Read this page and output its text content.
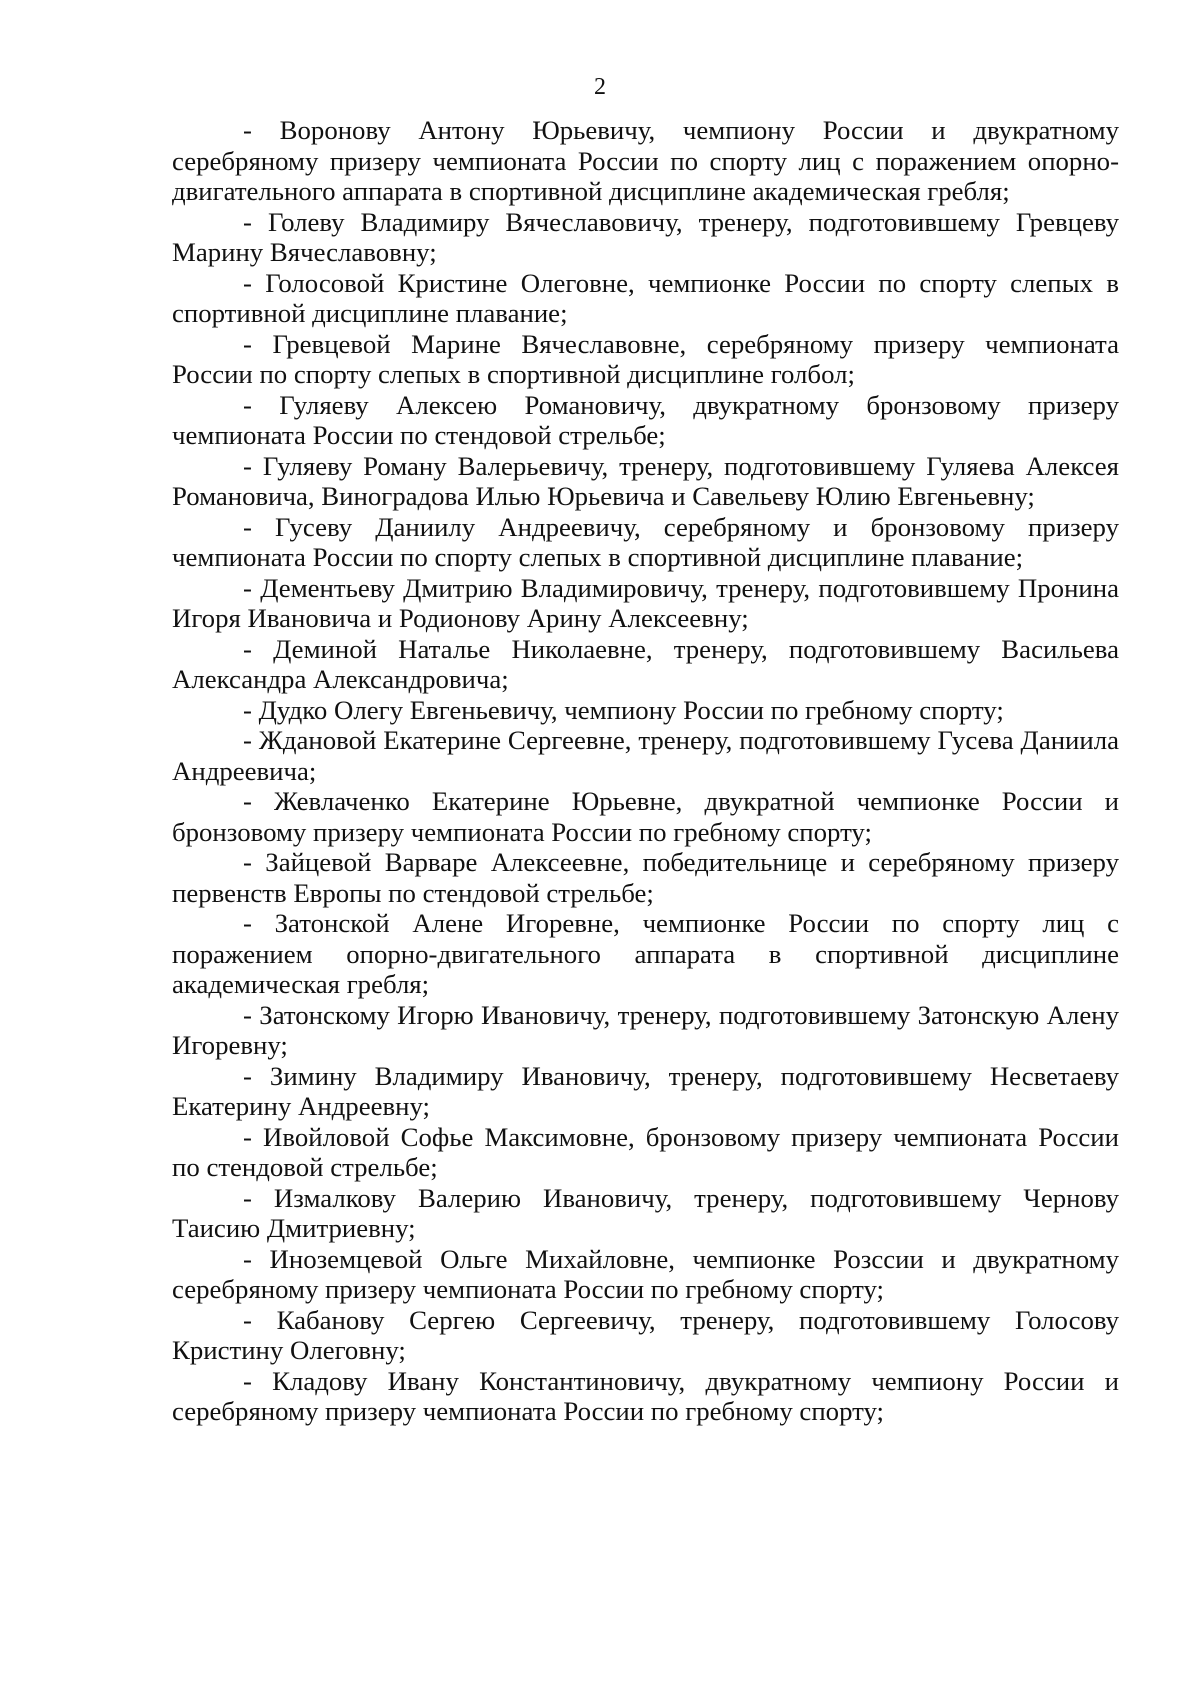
2

- Воронову Антону Юрьевичу, чемпиону России и двукратному серебряному призеру чемпионата России по спорту лиц с поражением опорно-двигательного аппарата в спортивной дисциплине академическая гребля;

- Голеву Владимиру Вячеславовичу, тренеру, подготовившему Гревцеву Марину Вячеславовну;

- Голосовой Кристине Олеговне, чемпионке России по спорту слепых в спортивной дисциплине плавание;

- Гревцевой Марине Вячеславовне, серебряному призеру чемпионата России по спорту слепых в спортивной дисциплине голбол;

- Гуляеву Алексею Романовичу, двукратному бронзовому призеру чемпионата России по стендовой стрельбе;

- Гуляеву Роману Валерьевичу, тренеру, подготовившему Гуляева Алексея Романовича, Виноградова Илью Юрьевича и Савельеву Юлию Евгеньевну;

- Гусеву Даниилу Андреевичу, серебряному и бронзовому призеру чемпионата России по спорту слепых в спортивной дисциплине плавание;

- Дементьеву Дмитрию Владимировичу, тренеру, подготовившему Пронина Игоря Ивановича и Родионову Арину Алексеевну;

- Деминой Наталье Николаевне, тренеру, подготовившему Васильева Александра Александровича;

- Дудко Олегу Евгеньевичу, чемпиону России по гребному спорту;

- Ждановой Екатерине Сергеевне, тренеру, подготовившему Гусева Даниила Андреевича;

- Жевлаченко Екатерине Юрьевне, двукратной чемпионке России и бронзовому призеру чемпионата России по гребному спорту;

- Зайцевой Варваре Алексеевне, победительнице и серебряному призеру первенств Европы по стендовой стрельбе;

- Затонской Алене Игоревне, чемпионке России по спорту лиц с поражением опорно-двигательного аппарата в спортивной дисциплине академическая гребля;

- Затонскому Игорю Ивановичу, тренеру, подготовившему Затонскую Алену Игоревну;

- Зимину Владимиру Ивановичу, тренеру, подготовившему Несветаеву Екатерину Андреевну;

- Ивойловой Софье Максимовне, бронзовому призеру чемпионата России по стендовой стрельбе;

- Измалкову Валерию Ивановичу, тренеру, подготовившему Чернову Таисию Дмитриевну;

- Иноземцевой Ольге Михайловне, чемпионке Розссии и двукратному серебряному призеру чемпионата России по гребному спорту;

- Кабанову Сергею Сергеевичу, тренеру, подготовившему Голосову Кристину Олеговну;

- Кладову Ивану Константиновичу, двукратному чемпиону России и серебряному призеру чемпионата России по гребному спорту;
